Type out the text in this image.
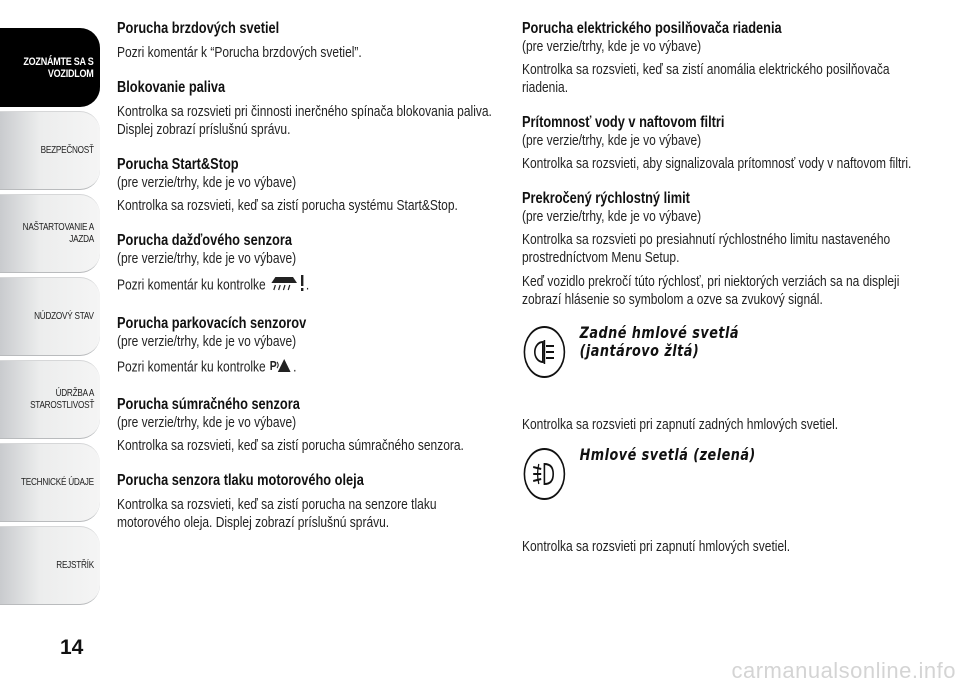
ZOZNÁMTE SA S
VOZIDLOM
BEZPEČNOSŤ
NAŠTARTOVANIE A
JAZDA
NÚDZOVÝ STAV
ÚDRŽBA A
STAROSTLIVOSŤ
TECHNICKÉ ÚDAJE
REJSTŘÍK
14
carmanualsonline.info
Porucha brzdových svetiel

Pozri komentár k “Porucha brzdových svetiel”.

Blokovanie paliva

Kontrolka sa rozsvieti pri činnosti inerčného spínača blokovania paliva. Displej zobrazí príslušnú správu.

Porucha Start&Stop

(pre verzie/trhy, kde je vo výbave)

Kontrolka sa rozsvieti, keď sa zistí porucha systému Start&Stop.

Porucha dažďového senzora

(pre verzie/trhy, kde je vo výbave)

Pozri komentár ku kontrolke	.

Porucha parkovacích senzorov

(pre verzie/trhy, kde je vo výbave)

Pozri komentár ku kontrolke P .

Porucha súmračného senzora

(pre verzie/trhy, kde je vo výbave)

Kontrolka sa rozsvieti, keď sa zistí porucha súmračného senzora.

Porucha senzora tlaku motorového oleja

Kontrolka sa rozsvieti, keď sa zistí porucha na senzore tlaku motorového oleja. Displej zobrazí príslušnú správu.

Porucha elektrického posilňovača riadenia

(pre verzie/trhy, kde je vo výbave)

Kontrolka sa rozsvieti, keď sa zistí anomália elektrického posilňovača riadenia.

Prítomnosť vody v naftovom filtri

(pre verzie/trhy, kde je vo výbave)

Kontrolka sa rozsvieti, aby signalizovala prítomnosť vody v naftovom filtri.

Prekročený rýchlostný limit

(pre verzie/trhy, kde je vo výbave)

Kontrolka sa rozsvieti po presiahnutí rýchlostného limitu nastaveného prostredníctvom Menu Setup.

Keď vozidlo prekročí túto rýchlosť, pri niektorých verziách sa na displeji zobrazí hlásenie so symbolom a ozve sa zvukový signál.

Zadné hmlové svetlá
(jantárovo žltá)

Kontrolka sa rozsvieti pri zapnutí zadných hmlových svetiel.

Hmlové svetlá (zelená)

Kontrolka sa rozsvieti pri zapnutí hmlových svetiel.
